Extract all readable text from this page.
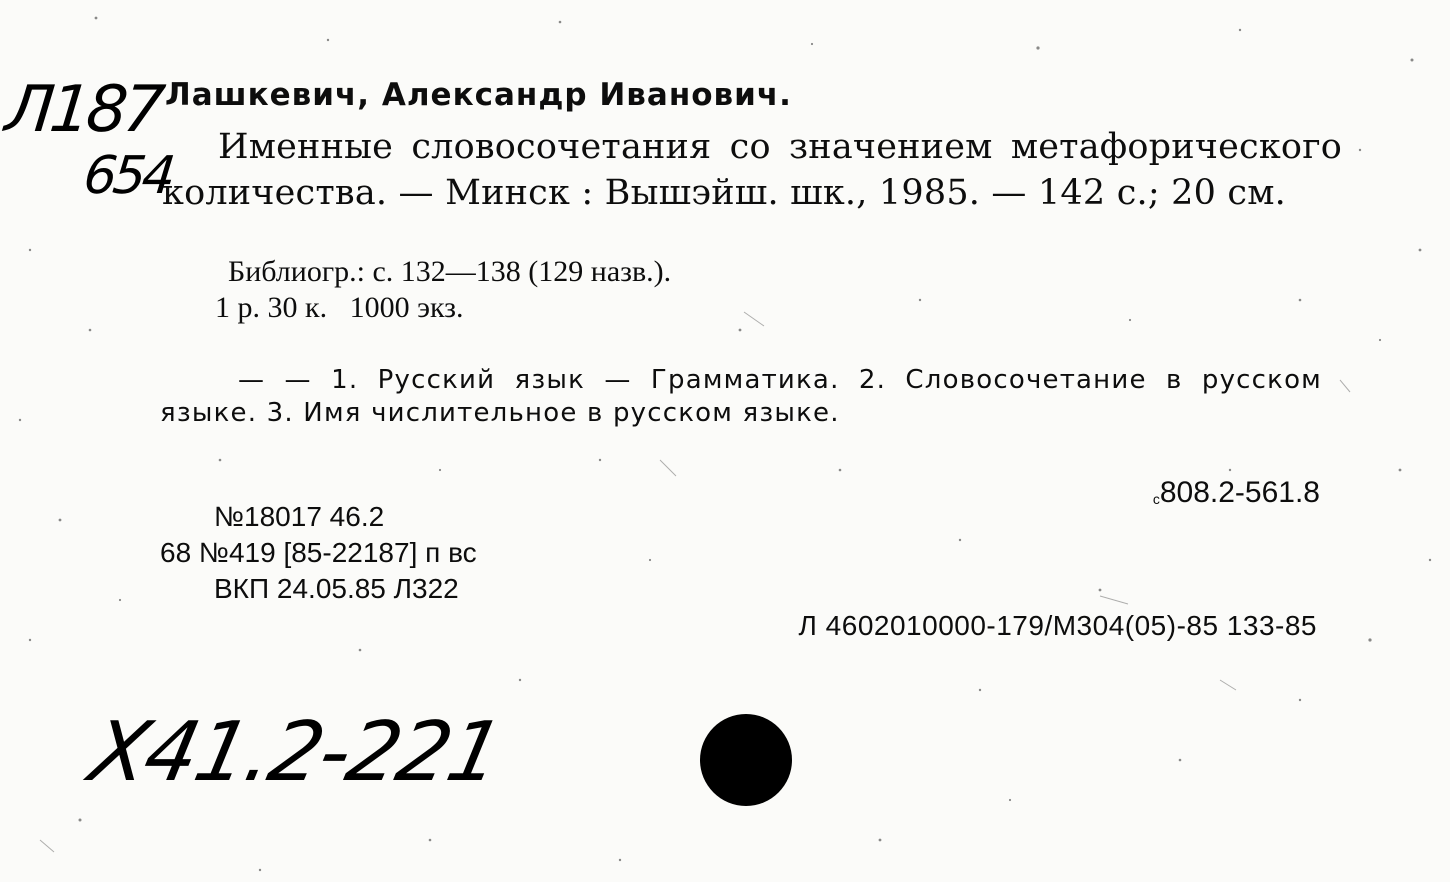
Л187
654
Лашкевич, Александр Иванович.
Именные словосочетания со значением метафорического количества. — Минск : Вышэйш. шк., 1985. — 142 с.; 20 см.
Библиогр.: с. 132—138 (129 назв.).
1 р. 30 к.   1000 экз.
— — 1. Русский язык — Грамматика. 2. Словосочетание в русском языке. 3. Имя числительное в русском языке.
с808.2-561.8
№18017 46.2
68 №419 [85-22187] п вс
ВКП 24.05.85 Л322
Л 4602010000-179/М304(05)-85 133-85
Х41.2-221
